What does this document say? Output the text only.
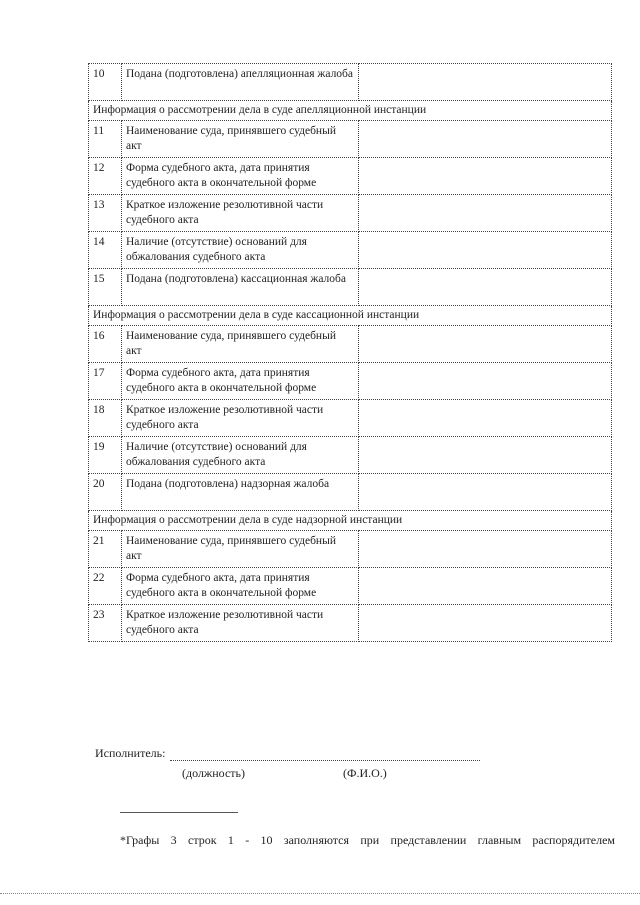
10	Подана (подготовлена) апелляционная жалоба	
Информация о рассмотрении дела в суде апелляционной инстанции		
11	Наименование суда, принявшего судебный акт	
12	Форма судебного акта, дата принятия судебного акта в окончательной форме	
13	Краткое изложение резолютивной части судебного акта	
14	Наличие (отсутствие) оснований для обжалования судебного акта	
15	Подана (подготовлена) кассационная жалоба	
Информация о рассмотрении дела в суде кассационной инстанции		
16	Наименование суда, принявшего судебный акт	
17	Форма судебного акта, дата принятия судебного акта в окончательной форме	
18	Краткое изложение резолютивной части судебного акта	
19	Наличие (отсутствие) оснований для обжалования судебного акта	
20	Подана (подготовлена) надзорная жалоба	
Информация о рассмотрении дела в суде надзорной инстанции		
21	Наименование суда, принявшего судебный акт	
22	Форма судебного акта, дата принятия судебного акта в окончательной форме	
23	Краткое изложение резолютивной части судебного акта	
Исполнитель:
(должность)	(Ф.И.О.)
*Графы 3 строк 1 - 10 заполняются при представлении главным распорядителем
